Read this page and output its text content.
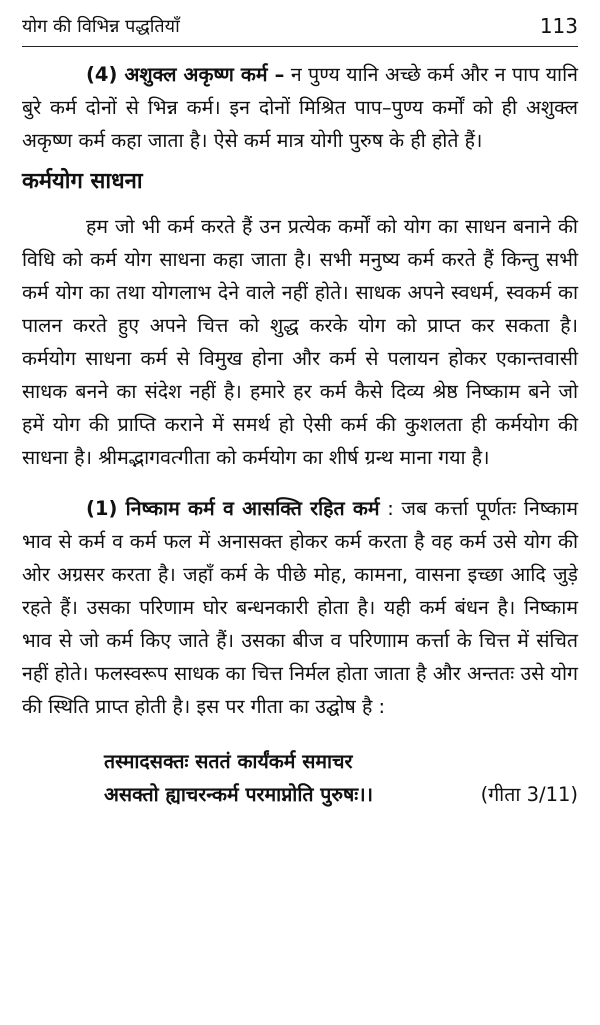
योग की विभिन्न पद्धतियाँ	113

(4) अशुक्ल अकृष्ण कर्म – न पुण्य यानि अच्छे कर्म और न पाप यानि बुरे कर्म दोनों से भिन्न कर्म। इन दोनों मिश्रित पाप–पुण्य कर्मों को ही अशुक्ल अकृष्ण कर्म कहा जाता है। ऐसे कर्म मात्र योगी पुरुष के ही होते हैं।

कर्मयोग साधना

हम जो भी कर्म करते हैं उन प्रत्येक कर्मों को योग का साधन बनाने की विधि को कर्म योग साधना कहा जाता है। सभी मनुष्य कर्म करते हैं किन्तु सभी कर्म योग का तथा योगलाभ देने वाले नहीं होते। साधक अपने स्वधर्म, स्वकर्म का पालन करते हुए अपने चित्त को शुद्ध करके योग को प्राप्त कर सकता है। कर्मयोग साधना कर्म से विमुख होना और कर्म से पलायन होकर एकान्तवासी साधक बनने का संदेश नहीं है। हमारे हर कर्म कैसे दिव्य श्रेष्ठ निष्काम बने जो हमें योग की प्राप्ति कराने में समर्थ हो ऐसी कर्म की कुशलता ही कर्मयोग की साधना है। श्रीमद्भागवत्गीता को कर्मयोग का शीर्ष ग्रन्थ माना गया है।

(1) निष्काम कर्म व आसक्ति रहित कर्म : जब कर्त्ता पूर्णतः निष्काम भाव से कर्म व कर्म फल में अनासक्त होकर कर्म करता है वह कर्म उसे योग की ओर अग्रसर करता है। जहाँ कर्म के पीछे मोह, कामना, वासना इच्छा आदि जुड़े रहते हैं। उसका परिणाम घोर बन्धनकारी होता है। यही कर्म बंधन है। निष्काम भाव से जो कर्म किए जाते हैं। उसका बीज व परिणााम कर्त्ता के चित्त में संचित नहीं होते। फलस्वरूप साधक का चित्त निर्मल होता जाता है और अन्ततः उसे योग की स्थिति प्राप्त होती है। इस पर गीता का उद्घोष है :

तस्मादसक्तः सततं कार्यंकर्म समाचर
असक्तो ह्याचरन्कर्म परमाप्नोति पुरुषः।।	(गीता 3/11)
